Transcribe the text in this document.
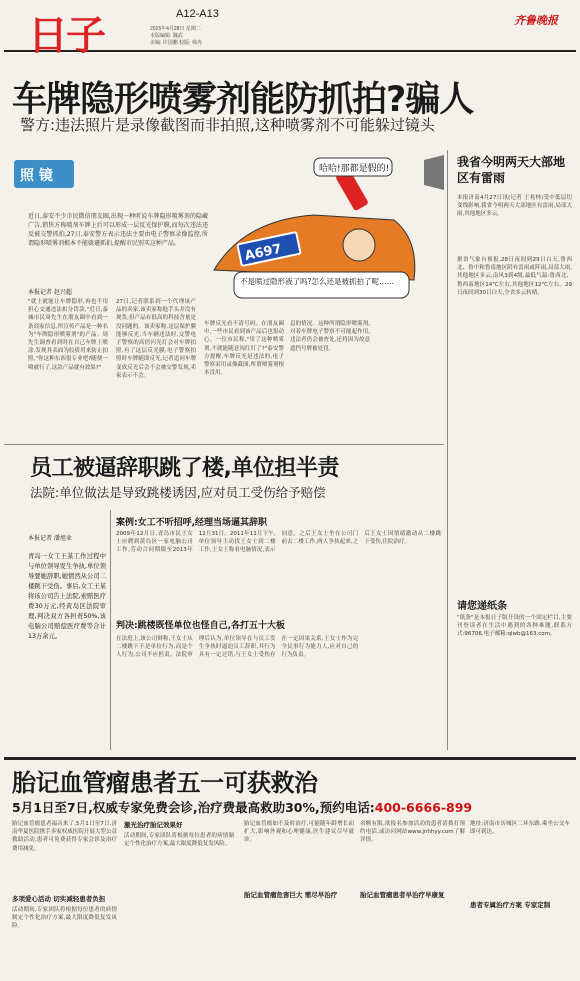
日子	A12-A13
2015年4月28日 星期二
本版编辑: 魏武
美编: 许国鹏 校版: 韩冉
齐鲁晚报
车牌隐形喷雾剂能防抓拍?骗人
警方:违法照片是录像截图而非拍照,这种喷雾剂不可能躲过镜头
照 镜
A697
哈哈!那都是假的!
不是喷过隐形液了吗?怎么还是被抓拍了呢……
近日,泰安不少市民微信朋友圈,出现一种听说车牌隐形喷雾剂的隐藏广告,销售方称喷剂车牌上后可以形成一层反光保护膜,而每次违法违反被交警抓拍,27日,泰安警方表示违法主要由电子警察录像监控,所谓隐形喷雾剂根本不能躲避抓拍,提醒市民别买这种产品。
本报记者 赵兴超
"就上就能让车牌隐形,再也不用担心交通违法扣分罚款,"近日,泰城市民周先生在朋友圈中看到一条商家信息,所宣传产品是一种名为"车牌隐形喷雾剂"的产品。周先生调查看到时在自己车牌上喷涂,发现其表面为胶质用来防止拍照,"你这种东西很专业吧?随便一喷就行了,这款产品就有效果?"
27日,记者联系到一个代理该产品的卖家,该卖家称他手头并没有现货,但产品有很高的科技含量是没问题的。该卖家称,这层保护膜能够反光,当车辆违法时,交警电子警察的高倍闪光灯会对车牌拍照,有了这层反光膜,电子警察拍照时车牌随即反光,记者追问车牌变成反光后会不会被交警发现,卖家表示不会。
车牌反光看不清号码。在朋友圈中,一些市民看到该产品后也很动心。一位市民称,"用了这种喷雾剂,不就能随意闯红灯了?"泰安警方提醒,车牌反光是违法的,电子警察采用录像截图,所谓喷雾剂根本没用。
息的情况。这种所谓隐形喷雾剂,对着车牌电子警察不可能起作用,违法者仍会被查处,还将因为故意遮挡号牌被处罚。
我省今明两天大部地区有雷雨
本报济南4月27日讯(记者 王兆林)受中低层切变线影响,我省今明两天大部地区有雷雨,局部大雨,其他地区多云。
据省气象台预报,28日夜间到29日白天,鲁西北、鲁中和鲁南地区阴有雷雨或阵雨,局部大雨,其他地区多云,南风3到4级,最低气温:鲁西北、鲁西南地区14℃左右,其他地区12℃左右。29日夜间到30日白天,全省多云转晴。
员工被逼辞职跳了楼,单位担半责
法院:单位做法是导致跳楼诱因,应对员工受伤给予赔偿
本报记者 潘旭业
青岛一女工王某工作过程中与单位领导发生争执,单位领导要她辞职,她情然从公司二楼跳下受伤。事后,女工王某将该公司告上法院,索赔医疗费30万元,经黄岛区法院审理,判决双方各担责50%,该电脑公司赔偿医疗费等合计13万余元。
案例:女工不听招呼,经理当场逼其辞职
2009年12月日,青岛市民王女士应聘到黄岛区一家电脑公司工作,劳动合同期限至2013年12月31日。2011年11月下午,单位领导主动找王女士到二楼工作,王女士称看电脑情况,表示同意。之后王女士坐在公司门前去二楼工作,两人争执起来,之后王女士因情绪激动从二楼跳下受伤,住院治疗。
判决:跳楼既怪单位也怪自己,各打五十大板
在法庭上,该公司辩称,王女士从二楼跳下不是单位行为,而是个人行为,公司不应担责。法院审理后认为,单位领导在与员工发生争执时逼迫员工辞职,其行为具有一定过错,与王女士受伤存在一定因果关系,王女士作为完全民事行为能力人,应对自己的行为负责。
请您递纸条
"纸条"是本报日子版开设的一个固定栏目,主要刊登读者在生活中遇到的各种难题,联系方式:96706,电子邮箱:qlwb@163.com。
胎记血管瘤患者五一可获救治
5月1日至7日,权威专家免费会诊,治疗费最高救助30%,预约电话:400-6666-899
胎记血管瘤患者福音来了,5月1日至7日,济南华夏医院携手多家权威医院开展大型公益救助活动,患者可免费获得专家会诊及治疗费用减免。
多项爱心活动 切实减轻患者负担
活动期间,专家团队将根据每位患者的病情制定个性化治疗方案,最大限度降低复发风险。
激光治疗胎记效果好
活动期间,专家团队将根据每位患者的病情制定个性化治疗方案,最大限度降低复发风险。
胎记血管瘤危害巨大 需尽早治疗
胎记血管瘤如不及时治疗,可能随年龄增长而扩大,影响外观和心理健康,医生建议尽早就诊。
胎记血管瘤患者早治疗早康复
名额有限,欲报名参加活动的患者请拨打预约电话,或访问网站www.jnhhyy.com了解详情。
患者专属治疗方案 专家定制
地址:济南市历城区二环东路,乘坐公交车即可到达。
